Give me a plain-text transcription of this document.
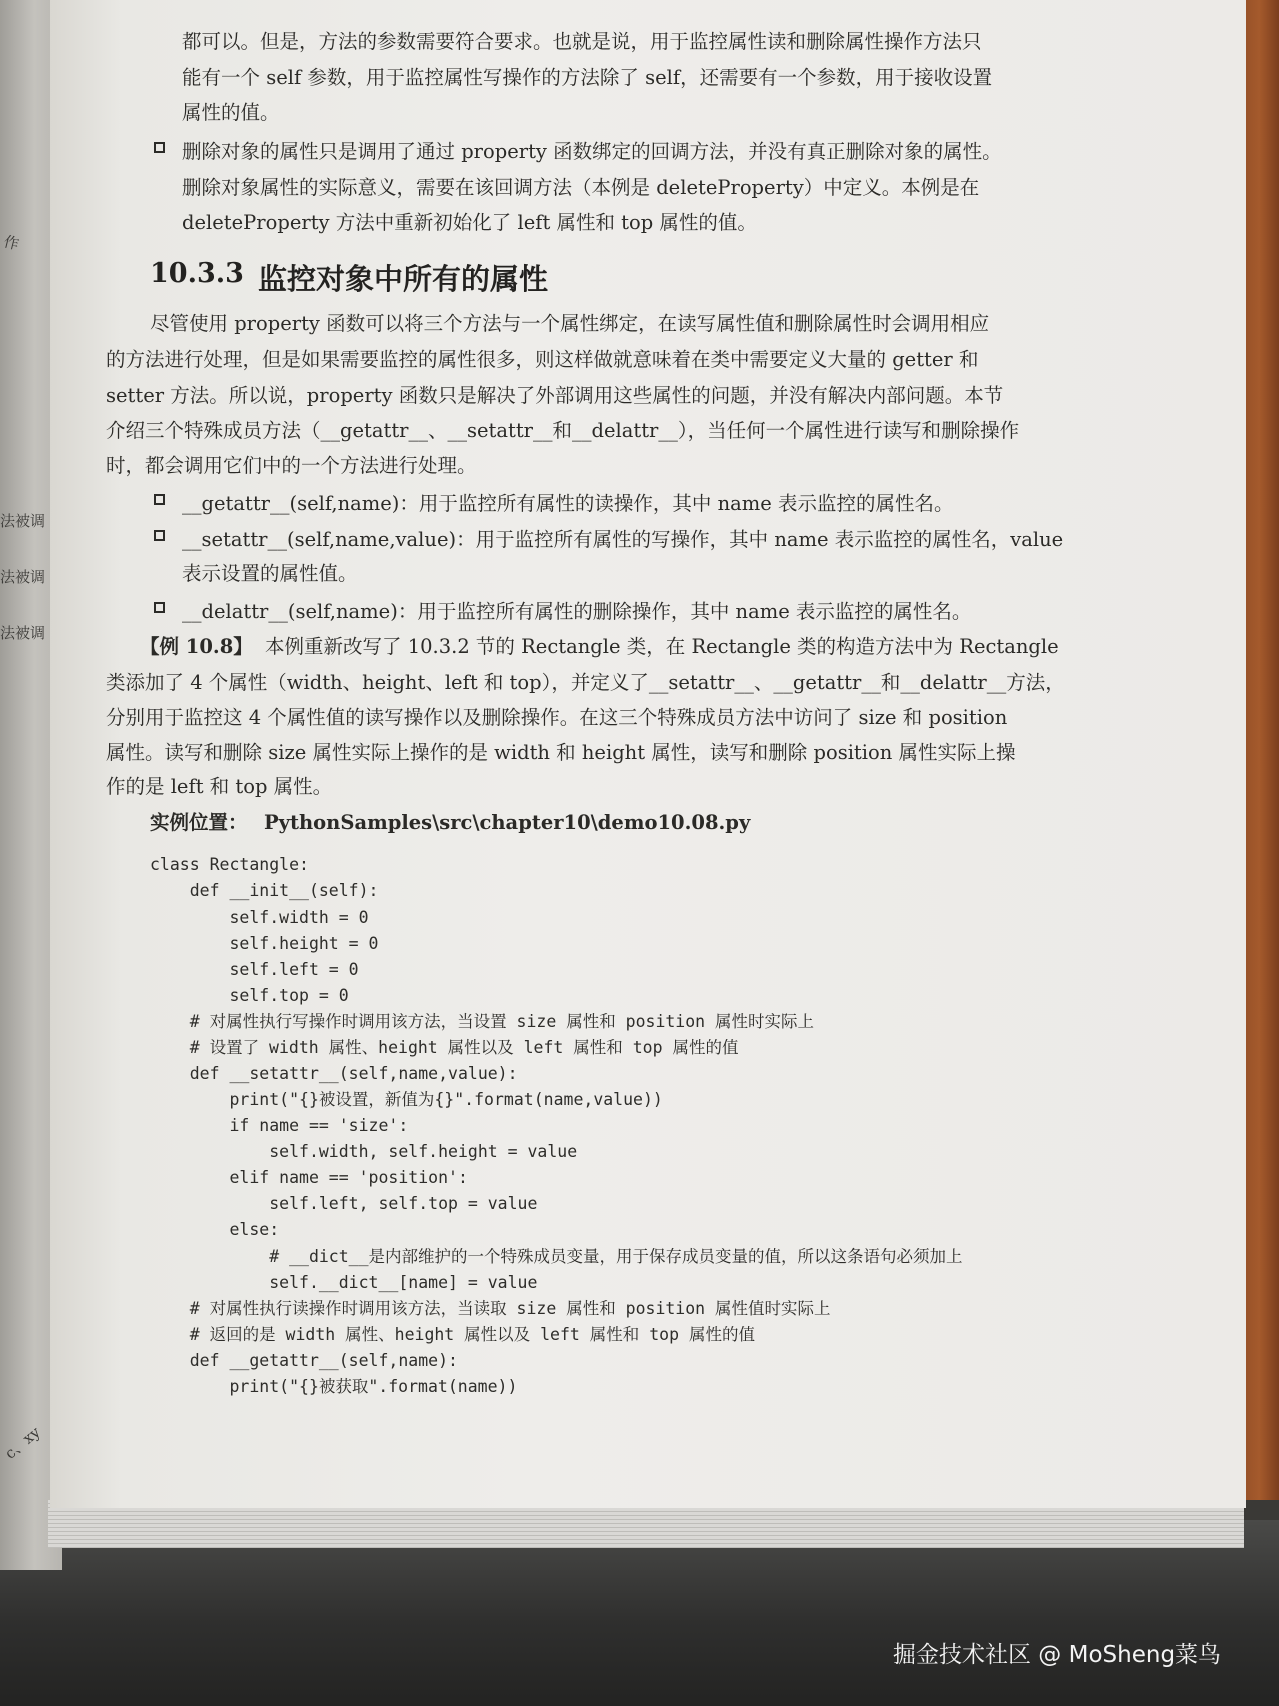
作
法被调
法被调
法被调
c、xy
都可以。但是，方法的参数需要符合要求。也就是说，用于监控属性读和删除属性操作方法只
能有一个 self 参数，用于监控属性写操作的方法除了 self，还需要有一个参数，用于接收设置
属性的值。
删除对象的属性只是调用了通过 property 函数绑定的回调方法，并没有真正删除对象的属性。
删除对象属性的实际意义，需要在该回调方法（本例是 deleteProperty）中定义。本例是在
deleteProperty 方法中重新初始化了 left 属性和 top 属性的值。
10.3.3 监控对象中所有的属性
尽管使用 property 函数可以将三个方法与一个属性绑定，在读写属性值和删除属性时会调用相应
的方法进行处理，但是如果需要监控的属性很多，则这样做就意味着在类中需要定义大量的 getter 和
setter 方法。所以说，property 函数只是解决了外部调用这些属性的问题，并没有解决内部问题。本节
介绍三个特殊成员方法（__getattr__、__setattr__和__delattr__），当任何一个属性进行读写和删除操作
时，都会调用它们中的一个方法进行处理。
__getattr__(self,name)：用于监控所有属性的读操作，其中 name 表示监控的属性名。
__setattr__(self,name,value)：用于监控所有属性的写操作，其中 name 表示监控的属性名，value
表示设置的属性值。
__delattr__(self,name)：用于监控所有属性的删除操作，其中 name 表示监控的属性名。
【例 10.8】 本例重新改写了 10.3.2 节的 Rectangle 类，在 Rectangle 类的构造方法中为 Rectangle
类添加了 4 个属性（width、height、left 和 top），并定义了__setattr__、__getattr__和__delattr__方法，
分别用于监控这 4 个属性值的读写操作以及删除操作。在这三个特殊成员方法中访问了 size 和 position
属性。读写和删除 size 属性实际上操作的是 width 和 height 属性，读写和删除 position 属性实际上操
作的是 left 和 top 属性。
实例位置： PythonSamples\src\chapter10\demo10.08.py
class Rectangle:
def __init__(self):
self.width = 0
self.height = 0
self.left = 0
self.top = 0
# 对属性执行写操作时调用该方法，当设置 size 属性和 position 属性时实际上
# 设置了 width 属性、height 属性以及 left 属性和 top 属性的值
def __setattr__(self,name,value):
print("{}被设置，新值为{}".format(name,value))
if name == 'size':
self.width, self.height = value
elif name == 'position':
self.left, self.top = value
else:
# __dict__是内部维护的一个特殊成员变量，用于保存成员变量的值，所以这条语句必须加上
self.__dict__[name] = value
# 对属性执行读操作时调用该方法，当读取 size 属性和 position 属性值时实际上
# 返回的是 width 属性、height 属性以及 left 属性和 top 属性的值
def __getattr__(self,name):
print("{}被获取".format(name))
掘金技术社区 @ MoSheng菜鸟
